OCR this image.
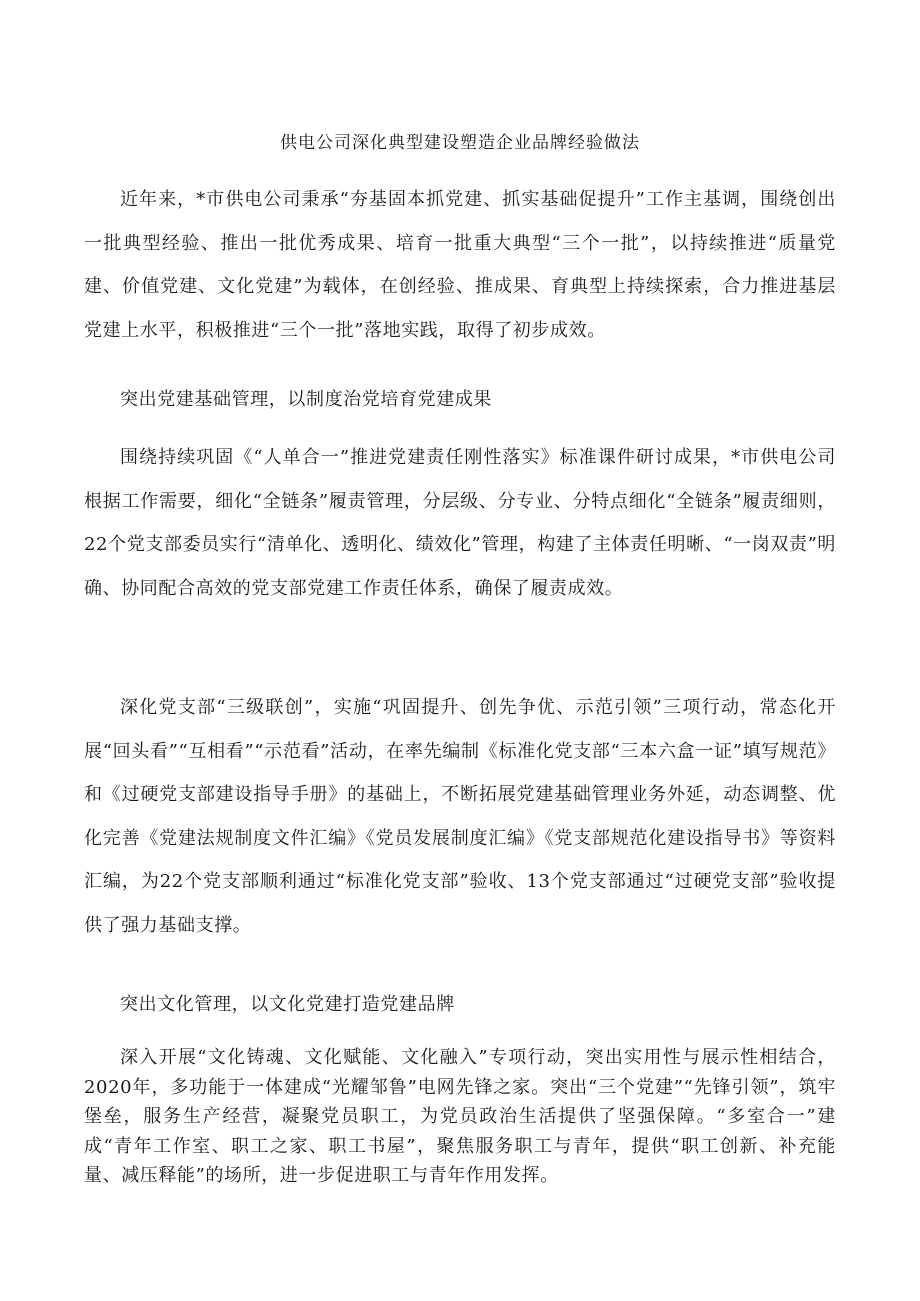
供电公司深化典型建设塑造企业品牌经验做法

近年来，*市供电公司秉承“夯基固本抓党建、抓实基础促提升”工作主基调，围绕创出一批典型经验、推出一批优秀成果、培育一批重大典型“三个一批”，以持续推进“质量党建、价值党建、文化党建”为载体，在创经验、推成果、育典型上持续探索，合力推进基层党建上水平，积极推进“三个一批”落地实践，取得了初步成效。

突出党建基础管理，以制度治党培育党建成果

围绕持续巩固《“人单合一”推进党建责任刚性落实》标准课件研讨成果，*市供电公司根据工作需要，细化“全链条”履责管理，分层级、分专业、分特点细化“全链条”履责细则，22个党支部委员实行“清单化、透明化、绩效化”管理，构建了主体责任明晰、“一岗双责”明确、协同配合高效的党支部党建工作责任体系，确保了履责成效。

深化党支部“三级联创”，实施“巩固提升、创先争优、示范引领”三项行动，常态化开展“回头看”“互相看”“示范看”活动，在率先编制《标准化党支部“三本六盒一证”填写规范》和《过硬党支部建设指导手册》的基础上，不断拓展党建基础管理业务外延，动态调整、优化完善《党建法规制度文件汇编》《党员发展制度汇编》《党支部规范化建设指导书》等资料汇编，为22个党支部顺利通过“标准化党支部”验收、13个党支部通过“过硬党支部”验收提供了强力基础支撑。

突出文化管理，以文化党建打造党建品牌

深入开展“文化铸魂、文化赋能、文化融入”专项行动，突出实用性与展示性相结合，2020年，多功能于一体建成“光耀邹鲁”电网先锋之家。突出“三个党建”“先锋引领”，筑牢堡垒，服务生产经营，凝聚党员职工，为党员政治生活提供了坚强保障。“多室合一”建成“青年工作室、职工之家、职工书屋”，聚焦服务职工与青年，提供“职工创新、补充能量、减压释能”的场所，进一步促进职工与青年作用发挥。
